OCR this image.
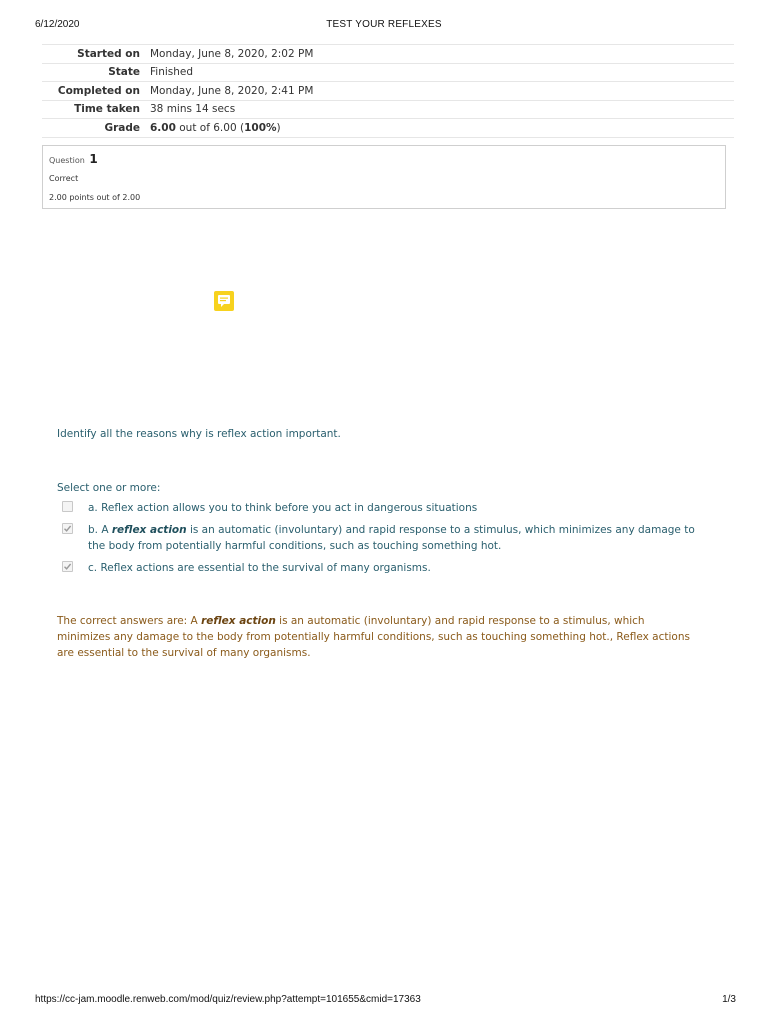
TEST YOUR REFLEXES
6/12/2020
Started on Monday, June 8, 2020, 2:02 PM
State Finished
Completed on Monday, June 8, 2020, 2:41 PM
Time taken 38 mins 14 secs
Grade 6.00 out of 6.00 (100%)
Question 1
Correct
2.00 points out of 2.00
Identify all the reasons why is reflex action important.
Select one or more:
a. Reflex action allows you to think before you act in dangerous situations
b. A reflex action is an automatic (involuntary) and rapid response to a stimulus, which minimizes any damage to the body from potentially harmful conditions, such as touching something hot.
c. Reflex actions are essential to the survival of many organisms.
The correct answers are: A reflex action is an automatic (involuntary) and rapid response to a stimulus, which minimizes any damage to the body from potentially harmful conditions, such as touching something hot., Reflex actions are essential to the survival of many organisms.
https://cc-jam.moodle.renweb.com/mod/quiz/review.php?attempt=101655&cmid=17363	1/3
